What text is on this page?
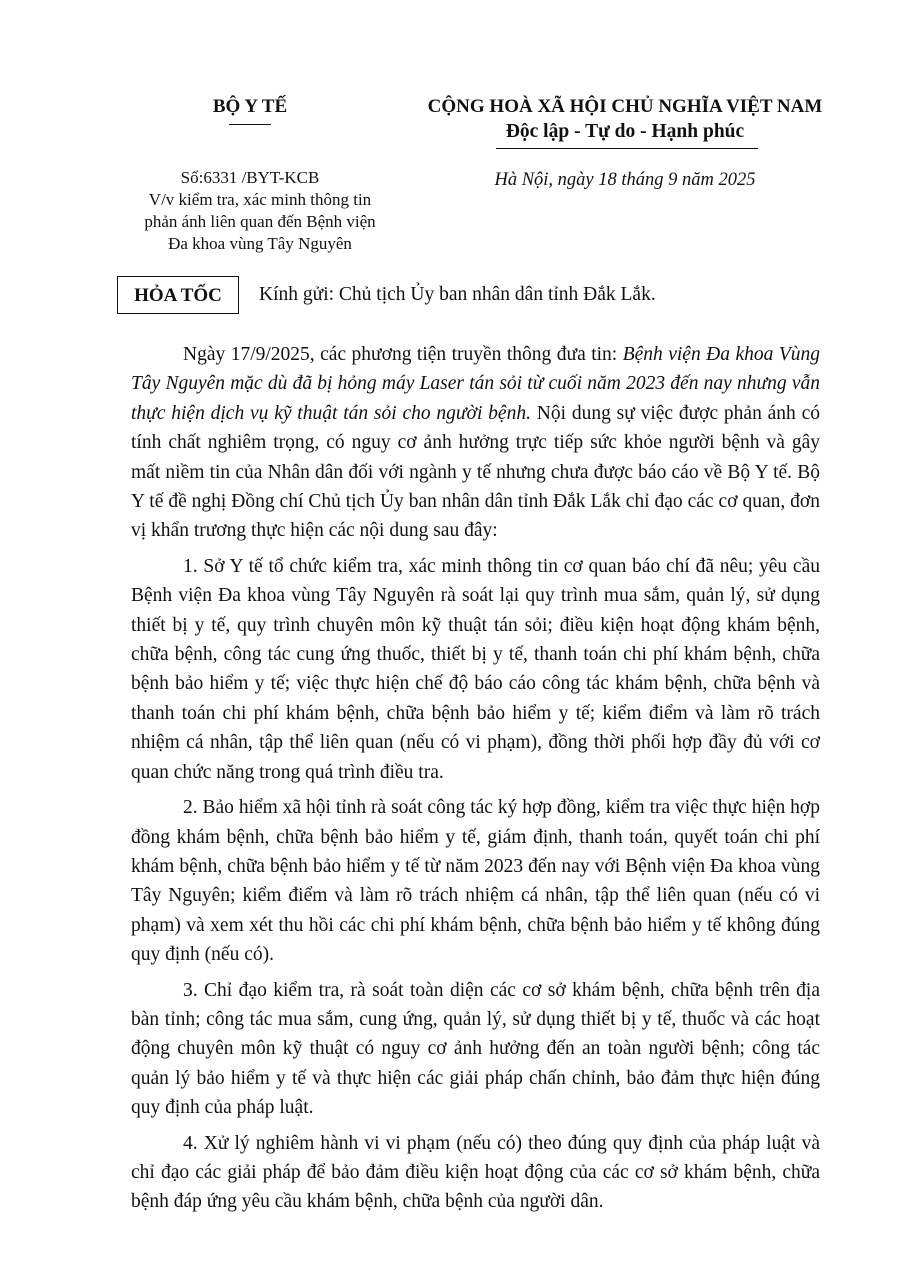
BỘ Y TẾ	CỘNG HOÀ XÃ HỘI CHỦ NGHĨA VIỆT NAM
Độc lập - Tự do - Hạnh phúc
Số:6331 /BYT-KCB
V/v kiểm tra, xác minh thông tin
phản ánh liên quan đến Bệnh viện
Đa khoa vùng Tây Nguyên
Hà Nội, ngày 18 tháng 9 năm 2025
HỎA TỐC	Kính gửi: Chủ tịch Ủy ban nhân dân tỉnh Đắk Lắk.

Ngày 17/9/2025, các phương tiện truyền thông đưa tin: Bệnh viện Đa khoa Vùng Tây Nguyên mặc dù đã bị hỏng máy Laser tán sỏi từ cuối năm 2023 đến nay nhưng vẫn thực hiện dịch vụ kỹ thuật tán sỏi cho người bệnh. Nội dung sự việc được phản ánh có tính chất nghiêm trọng, có nguy cơ ảnh hưởng trực tiếp sức khỏe người bệnh và gây mất niềm tin của Nhân dân đối với ngành y tế nhưng chưa được báo cáo về Bộ Y tế. Bộ Y tế đề nghị Đồng chí Chủ tịch Ủy ban nhân dân tỉnh Đắk Lắk chỉ đạo các cơ quan, đơn vị khẩn trương thực hiện các nội dung sau đây:

1. Sở Y tế tổ chức kiểm tra, xác minh thông tin cơ quan báo chí đã nêu; yêu cầu Bệnh viện Đa khoa vùng Tây Nguyên rà soát lại quy trình mua sắm, quản lý, sử dụng thiết bị y tế, quy trình chuyên môn kỹ thuật tán sỏi; điều kiện hoạt động khám bệnh, chữa bệnh, công tác cung ứng thuốc, thiết bị y tế, thanh toán chi phí khám bệnh, chữa bệnh bảo hiểm y tế; việc thực hiện chế độ báo cáo công tác khám bệnh, chữa bệnh và thanh toán chi phí khám bệnh, chữa bệnh bảo hiểm y tế; kiểm điểm và làm rõ trách nhiệm cá nhân, tập thể liên quan (nếu có vi phạm), đồng thời phối hợp đầy đủ với cơ quan chức năng trong quá trình điều tra.

2. Bảo hiểm xã hội tỉnh rà soát công tác ký hợp đồng, kiểm tra việc thực hiện hợp đồng khám bệnh, chữa bệnh bảo hiểm y tế, giám định, thanh toán, quyết toán chi phí khám bệnh, chữa bệnh bảo hiểm y tế từ năm 2023 đến nay với Bệnh viện Đa khoa vùng Tây Nguyên; kiểm điểm và làm rõ trách nhiệm cá nhân, tập thể liên quan (nếu có vi phạm) và xem xét thu hồi các chi phí khám bệnh, chữa bệnh bảo hiểm y tế không đúng quy định (nếu có).

3. Chỉ đạo kiểm tra, rà soát toàn diện các cơ sở khám bệnh, chữa bệnh trên địa bàn tỉnh; công tác mua sắm, cung ứng, quản lý, sử dụng thiết bị y tế, thuốc và các hoạt động chuyên môn kỹ thuật có nguy cơ ảnh hưởng đến an toàn người bệnh; công tác quản lý bảo hiểm y tế và thực hiện các giải pháp chấn chỉnh, bảo đảm thực hiện đúng quy định của pháp luật.

4. Xử lý nghiêm hành vi vi phạm (nếu có) theo đúng quy định của pháp luật và chỉ đạo các giải pháp để bảo đảm điều kiện hoạt động của các cơ sở khám bệnh, chữa bệnh đáp ứng yêu cầu khám bệnh, chữa bệnh của người dân.
